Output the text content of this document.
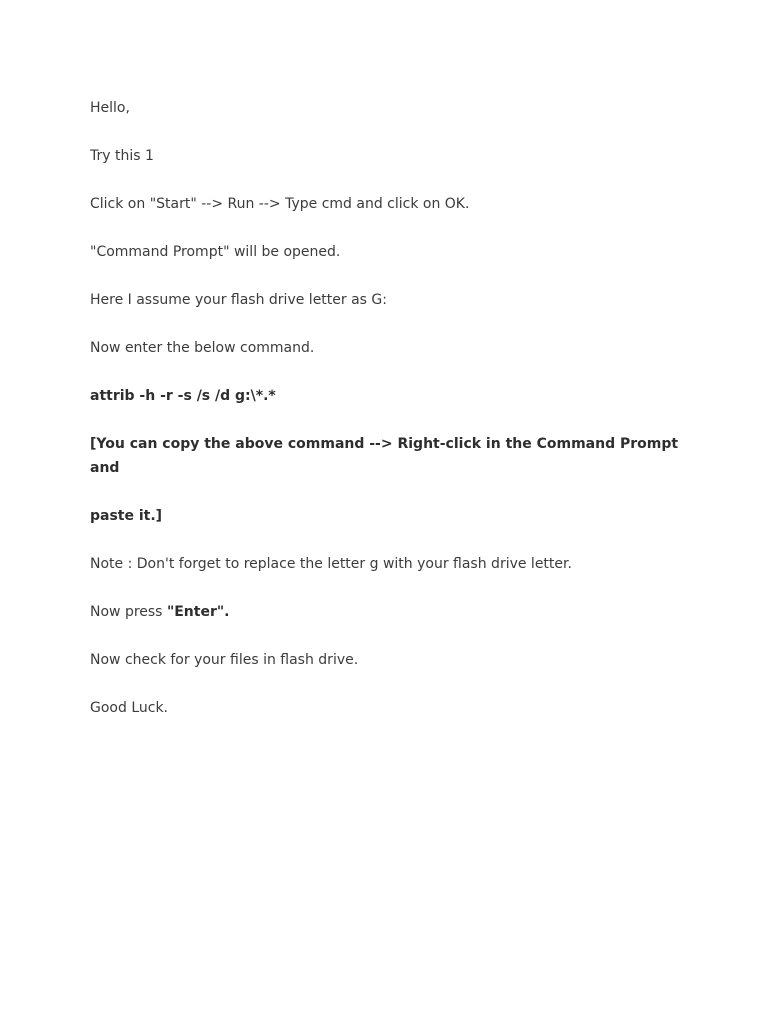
Hello,

Try this 1

Click on "Start" --> Run --> Type cmd and click on OK.

"Command Prompt" will be opened.

Here I assume your flash drive letter as G:

Now enter the below command.

attrib -h -r -s /s /d g:\*.*

[You can copy the above command --> Right-click in the Command Prompt and

paste it.]

Note : Don't forget to replace the letter g with your flash drive letter.

Now press "Enter".

Now check for your files in flash drive.

Good Luck.
